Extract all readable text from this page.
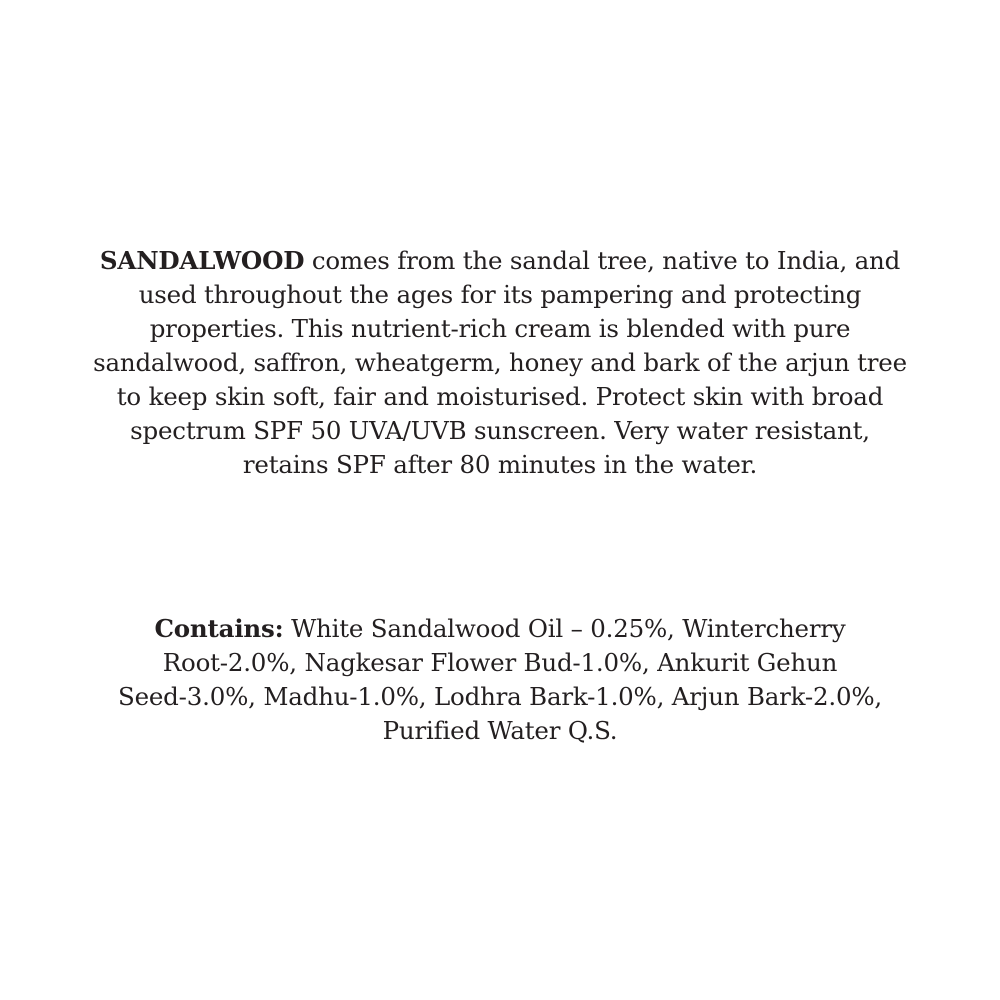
SANDALWOOD comes from the sandal tree, native to India, and
used throughout the ages for its pampering and protecting
properties. This nutrient-rich cream is blended with pure
sandalwood, saffron, wheatgerm, honey and bark of the arjun tree
to keep skin soft, fair and moisturised. Protect skin with broad
spectrum SPF 50 UVA/UVB sunscreen. Very water resistant,
retains SPF after 80 minutes in the water.
Contains: White Sandalwood Oil – 0.25%, Wintercherry
Root-2.0%, Nagkesar Flower Bud-1.0%, Ankurit Gehun
Seed-3.0%, Madhu-1.0%, Lodhra Bark-1.0%, Arjun Bark-2.0%,
Purified Water Q.S.
